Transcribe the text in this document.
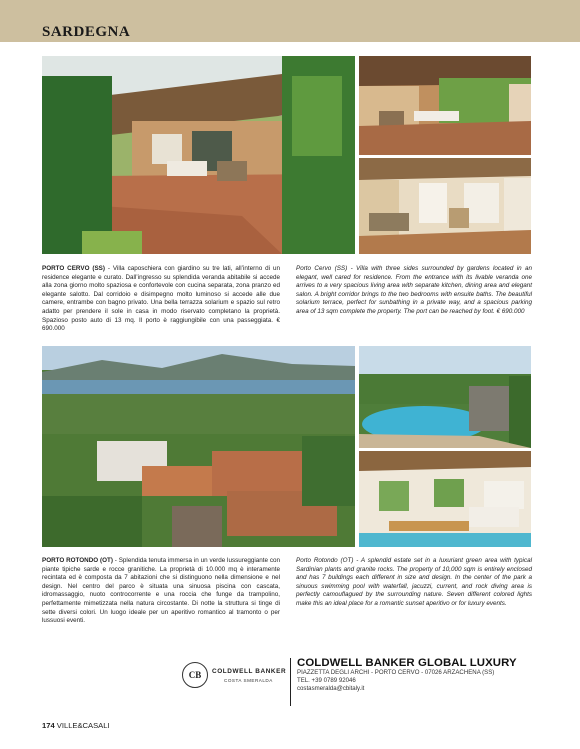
SARDEGNA
PORTO CERVO (SS) - Villa caposchiera con giardino su tre lati, all’interno di un residence elegante e curato. Dall’ingresso su splendida veranda abitabile si accede alla zona giorno molto spaziosa e confortevole con cucina separata, zona pranzo ed elegante salotto. Dal corridoio e disimpegno molto luminoso si accede alle due camere, entrambe con bagno privato. Una bella terrazza solarium e spazio sul retro adatto per prendere il sole in casa in modo riservato completano la proprietà. Spazioso posto auto di 13 mq. Il porto è raggiungibile con una passeggiata. € 690.000
Porto Cervo (SS) - Villa with three sides surrounded by gardens located in an elegant, well cared for residence. From the entrance with its livable veranda one arrives to a very spacious living area with separate kitchen, dining area and elegant salon. A bright corridor brings to the two bedrooms with ensuite baths. The beautiful solarium terrace, perfect for sunbathing in a private way, and a spacious parking area of 13 sqm complete the property. The port can be reached by foot. € 690.000
PORTO ROTONDO (OT) - Splendida tenuta immersa in un verde lussureggiante con piante tipiche sarde e rocce granitiche. La proprietà di 10.000 mq è interamente recintata ed è composta da 7 abitazioni che si distinguono nella dimensione e nel design. Nel centro del parco è situata una sinuosa piscina con cascata, idromassaggio, nuoto controcorrente e una roccia che funge da trampolino, perfettamente mimetizzata nella natura circostante. Di notte la struttura si tinge di sette diversi colori. Un luogo ideale per un aperitivo romantico al tramonto o per lussuosi eventi.
Porto Rotondo (OT) - A splendid estate set in a luxuriant green area with typical Sardinian plants and granite rocks. The property of 10,000 sqm is entirely enclosed and has 7 buildings each different in size and design. In the center of the park a sinuous swimming pool with waterfall, jacuzzi, current, and rock diving area is perfectly camouflagued by the surrounding nature. Seven different colored lights make this an ideal place for a romantic sunset aperitivo or for luxury events.
CB	COLDWELL BANKER
COSTA SMERALDA
COLDWELL BANKER GLOBAL LUXURY
PIAZZETTA DEGLI ARCHI - PORTO CERVO - 07026 ARZACHENA (SS)
TEL. +39 0789 92046
costasmeralda@cbitaly.it
174 VILLE&CASALI
